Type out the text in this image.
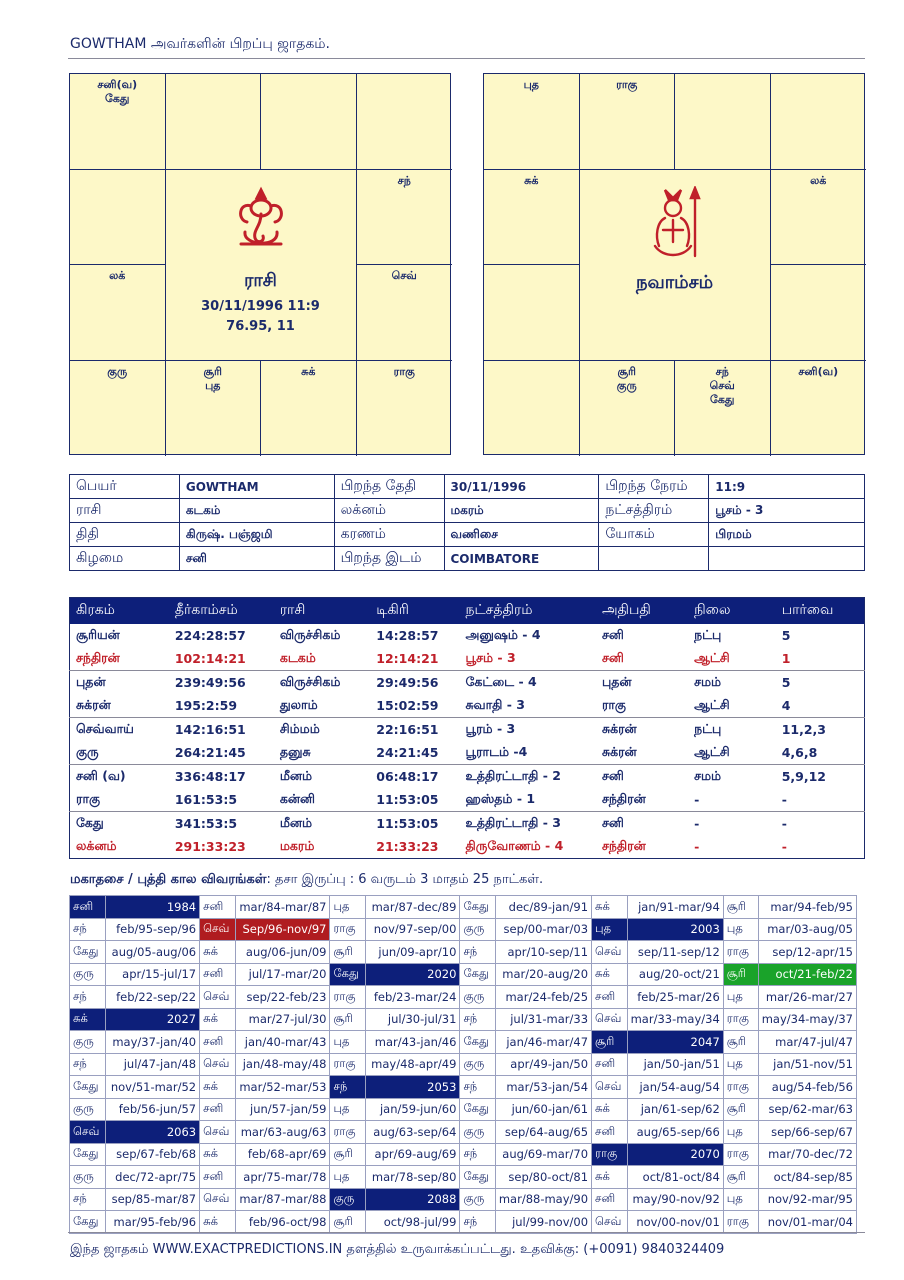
GOWTHAM அவர்களின் பிறப்பு ஜாதகம்.
ராசி
30/11/1996 11:9
76.95, 11
சனி(வ)
கேது
சந்
லக்	செவ்
குரு	சூரி
புத
சுக்	ராகு
நவாம்சம்
புத	ராகு
சுக்	லக்
சூரி
குரு
சந்
செவ்
கேது
சனி(வ)
பெயர்	GOWTHAM	பிறந்த தேதி	30/11/1996	பிறந்த நேரம்	11:9
ராசி	கடகம்	லக்னம்	மகரம்	நட்சத்திரம்	பூசம் - 3
திதி	கிருஷ். பஞ்ஜமி	கரணம்	வணிசை	யோகம்	பிரமம்
கிழமை	சனி	பிறந்த இடம்	COIMBATORE		
கிரகம்	தீர்காம்சம்	ராசி	டிகிரி	நட்சத்திரம்	அதிபதி	நிலை	பார்வை
சூரியன்	224:28:57	விருச்சிகம்	14:28:57	அனுஷம் - 4	சனி	நட்பு	5
சந்திரன்	102:14:21	கடகம்	12:14:21	பூசம் - 3	சனி	ஆட்சி	1
புதன்	239:49:56	விருச்சிகம்	29:49:56	கேட்டை - 4	புதன்	சமம்	5
சுக்ரன்	195:2:59	துலாம்	15:02:59	சுவாதி - 3	ராகு	ஆட்சி	4
செவ்வாய்	142:16:51	சிம்மம்	22:16:51	பூரம் - 3	சுக்ரன்	நட்பு	11,2,3
குரு	264:21:45	தனுசு	24:21:45	பூராடம் -4	சுக்ரன்	ஆட்சி	4,6,8
சனி (வ)	336:48:17	மீனம்	06:48:17	உத்திரட்டாதி - 2	சனி	சமம்	5,9,12
ராகு	161:53:5	கன்னி	11:53:05	ஹஸ்தம் - 1	சந்திரன்	-	-
கேது	341:53:5	மீனம்	11:53:05	உத்திரட்டாதி - 3	சனி	-	-
லக்னம்	291:33:23	மகரம்	21:33:23	திருவோணம் - 4	சந்திரன்	-	-
மகாதசை / புத்தி கால விவரங்கள்: தசா இருப்பு : 6 வருடம் 3 மாதம் 25 நாட்கள்.
சனி	1984	சனி	mar/84-mar/87	புத	mar/87-dec/89	கேது	dec/89-jan/91	சுக்	jan/91-mar/94	சூரி	mar/94-feb/95
சந்	feb/95-sep/96	செவ்	Sep/96-nov/97	ராகு	nov/97-sep/00	குரு	sep/00-mar/03	புத	2003	புத	mar/03-aug/05
கேது	aug/05-aug/06	சுக்	aug/06-jun/09	சூரி	jun/09-apr/10	சந்	apr/10-sep/11	செவ்	sep/11-sep/12	ராகு	sep/12-apr/15
குரு	apr/15-jul/17	சனி	jul/17-mar/20	கேது	2020	கேது	mar/20-aug/20	சுக்	aug/20-oct/21	சூரி	oct/21-feb/22
சந்	feb/22-sep/22	செவ்	sep/22-feb/23	ராகு	feb/23-mar/24	குரு	mar/24-feb/25	சனி	feb/25-mar/26	புத	mar/26-mar/27
சுக்	2027	சுக்	mar/27-jul/30	சூரி	jul/30-jul/31	சந்	jul/31-mar/33	செவ்	mar/33-may/34	ராகு	may/34-may/37
குரு	may/37-jan/40	சனி	jan/40-mar/43	புத	mar/43-jan/46	கேது	jan/46-mar/47	சூரி	2047	சூரி	mar/47-jul/47
சந்	jul/47-jan/48	செவ்	jan/48-may/48	ராகு	may/48-apr/49	குரு	apr/49-jan/50	சனி	jan/50-jan/51	புத	jan/51-nov/51
கேது	nov/51-mar/52	சுக்	mar/52-mar/53	சந்	2053	சந்	mar/53-jan/54	செவ்	jan/54-aug/54	ராகு	aug/54-feb/56
குரு	feb/56-jun/57	சனி	jun/57-jan/59	புத	jan/59-jun/60	கேது	jun/60-jan/61	சுக்	jan/61-sep/62	சூரி	sep/62-mar/63
செவ்	2063	செவ்	mar/63-aug/63	ராகு	aug/63-sep/64	குரு	sep/64-aug/65	சனி	aug/65-sep/66	புத	sep/66-sep/67
கேது	sep/67-feb/68	சுக்	feb/68-apr/69	சூரி	apr/69-aug/69	சந்	aug/69-mar/70	ராகு	2070	ராகு	mar/70-dec/72
குரு	dec/72-apr/75	சனி	apr/75-mar/78	புத	mar/78-sep/80	கேது	sep/80-oct/81	சுக்	oct/81-oct/84	சூரி	oct/84-sep/85
சந்	sep/85-mar/87	செவ்	mar/87-mar/88	குரு	2088	குரு	mar/88-may/90	சனி	may/90-nov/92	புத	nov/92-mar/95
கேது	mar/95-feb/96	சுக்	feb/96-oct/98	சூரி	oct/98-jul/99	சந்	jul/99-nov/00	செவ்	nov/00-nov/01	ராகு	nov/01-mar/04
இந்த ஜாதகம் WWW.EXACTPREDICTIONS.IN தளத்தில் உருவாக்கப்பட்டது. உதவிக்கு: (+0091) 9840324409
